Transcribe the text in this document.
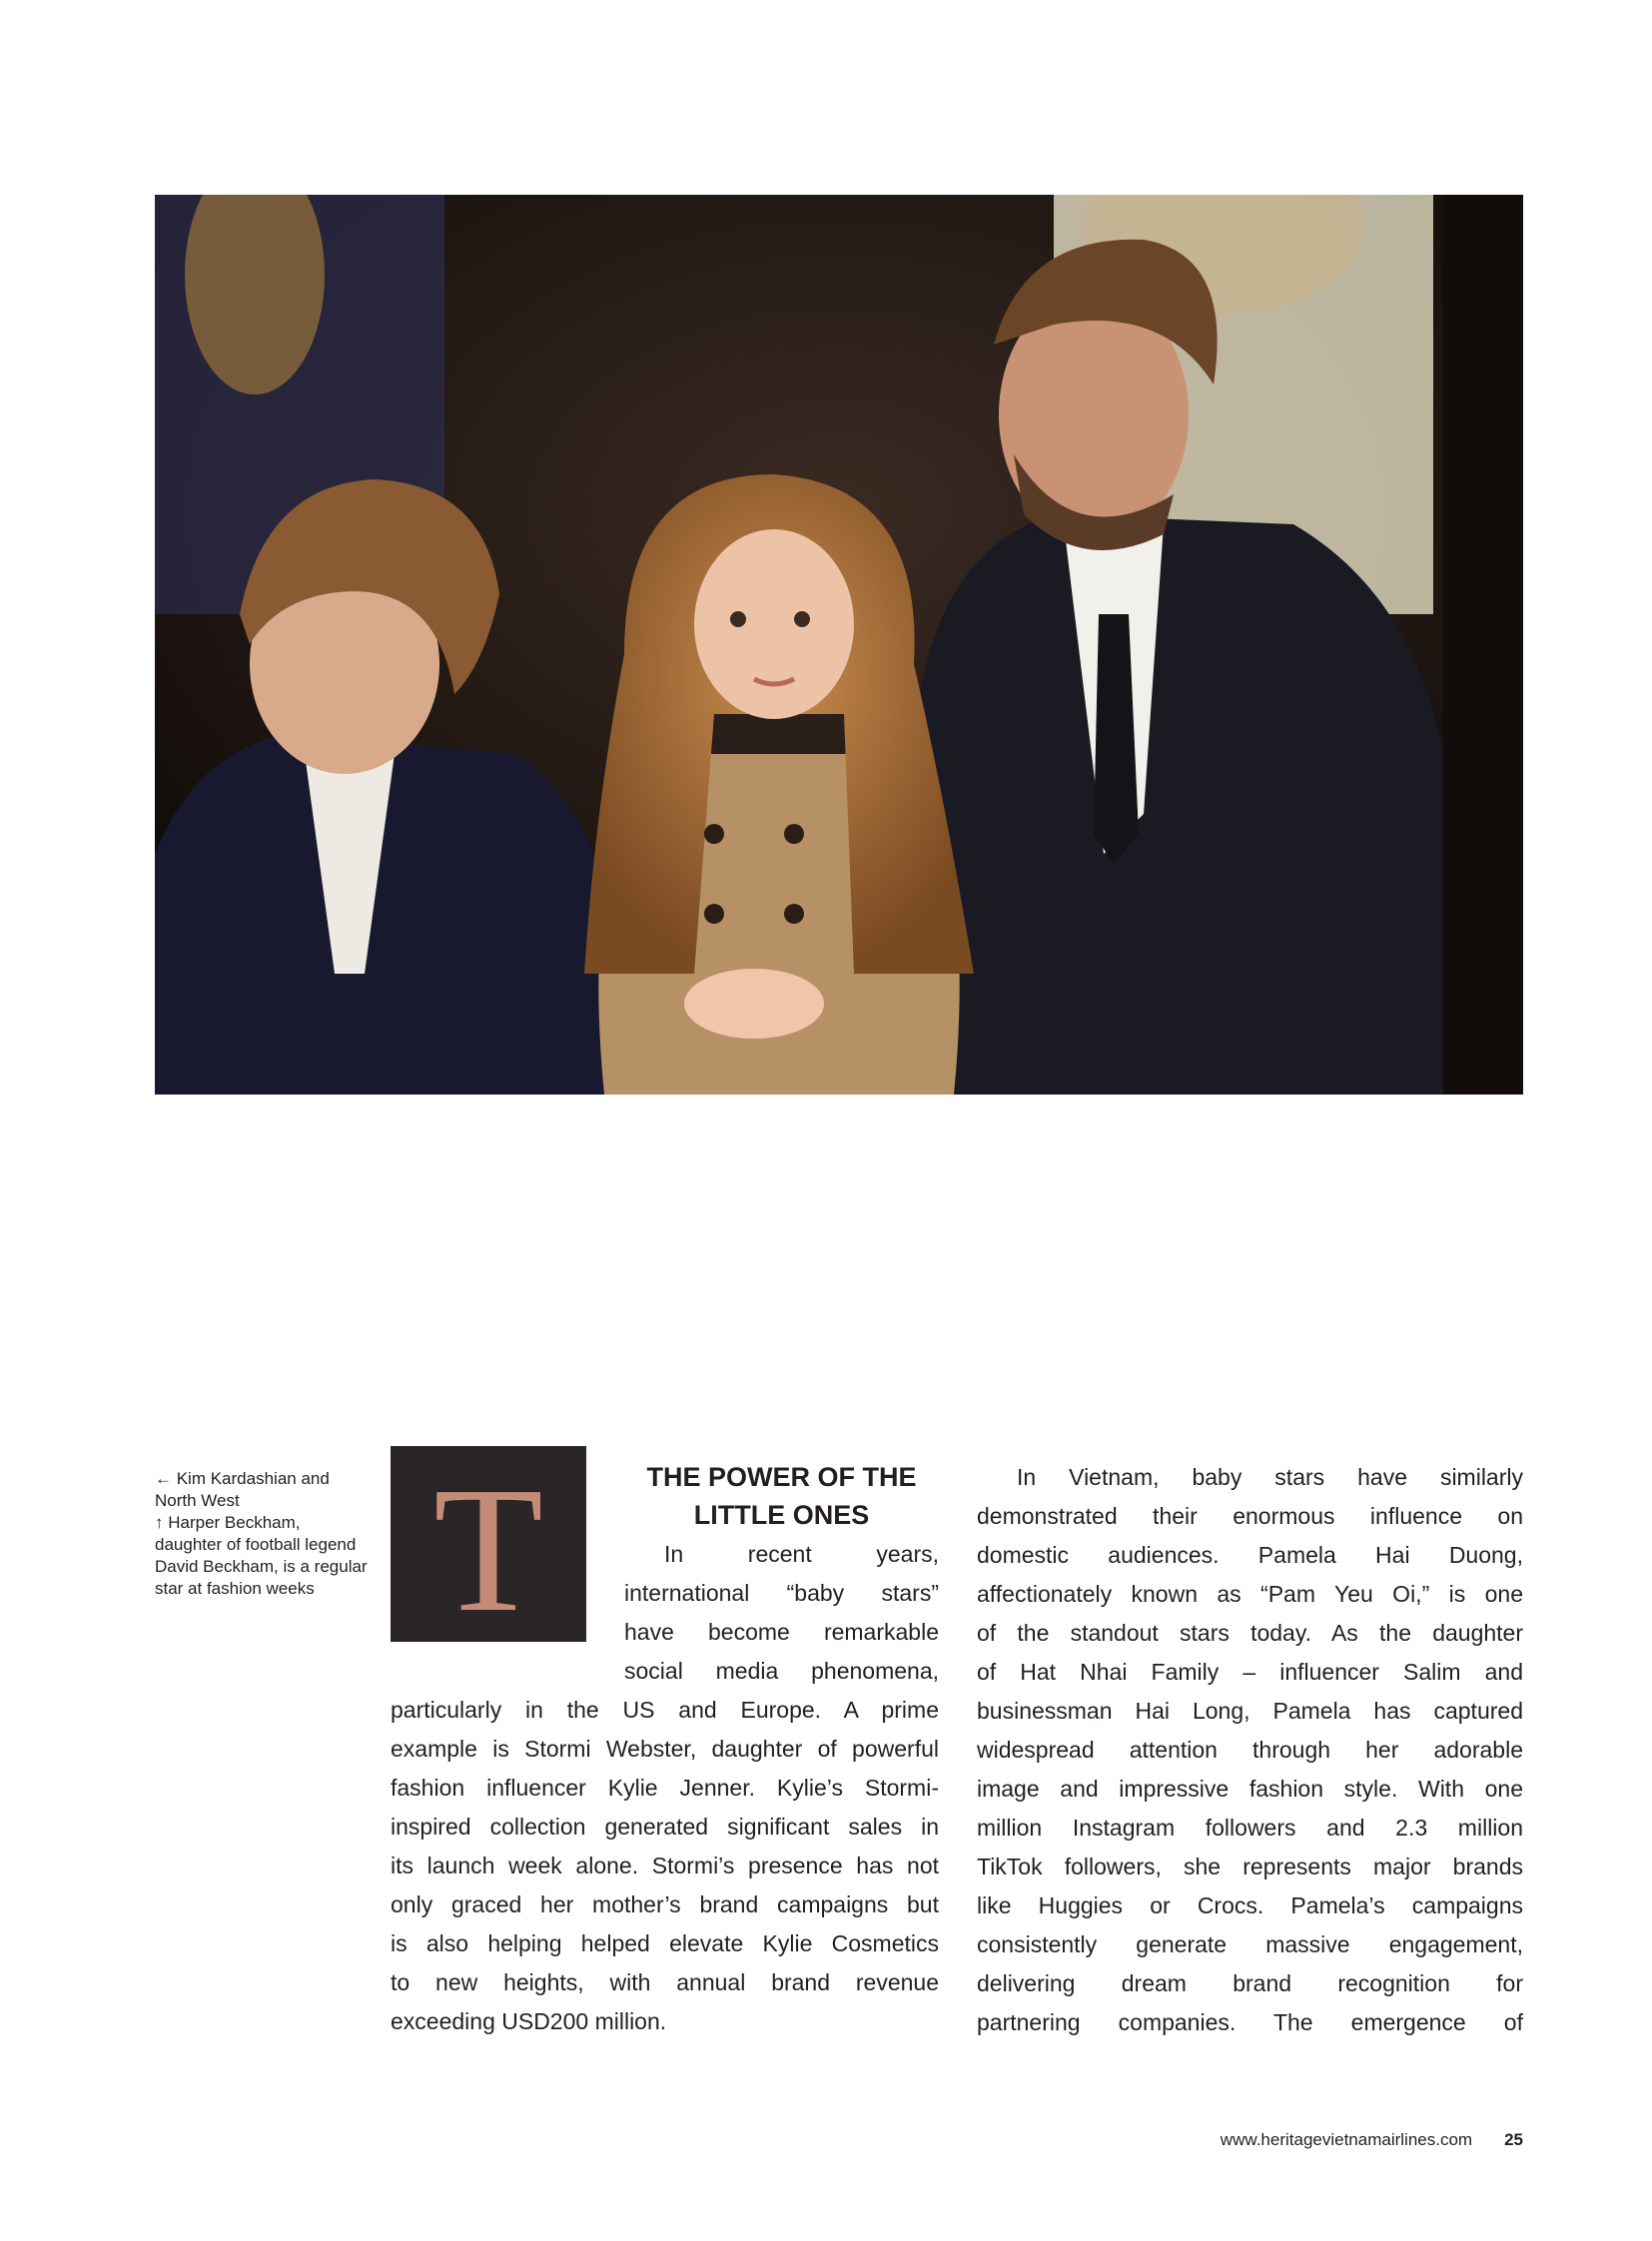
← Kim Kardashian and North West
↑ Harper Beckham, daughter of football legend David Beckham, is a regular star at fashion weeks T	THE POWER OF THE
LITTLE ONES
In recent years,
international “baby stars”
have become remarkable
social media phenomena,
particularly in the US and Europe. A prime
example is Stormi Webster, daughter of powerful
fashion influencer Kylie Jenner. Kylie’s Stormi-
inspired collection generated significant sales in
its launch week alone. Stormi’s presence has not
only graced her mother’s brand campaigns but
is also helping helped elevate Kylie Cosmetics
to new heights, with annual brand revenue
exceeding USD200 million.
In Vietnam, baby stars have similarly
demonstrated their enormous influence on
domestic audiences. Pamela Hai Duong,
affectionately known as “Pam Yeu Oi,” is one
of the standout stars today. As the daughter
of Hat Nhai Family – influencer Salim and
businessman Hai Long, Pamela has captured
widespread attention through her adorable
image and impressive fashion style. With one
million Instagram followers and 2.3 million
TikTok followers, she represents major brands
like Huggies or Crocs. Pamela’s campaigns
consistently generate massive engagement,
delivering dream brand recognition for
partnering companies. The emergence of
www.heritagevietnamairlines.com 25
